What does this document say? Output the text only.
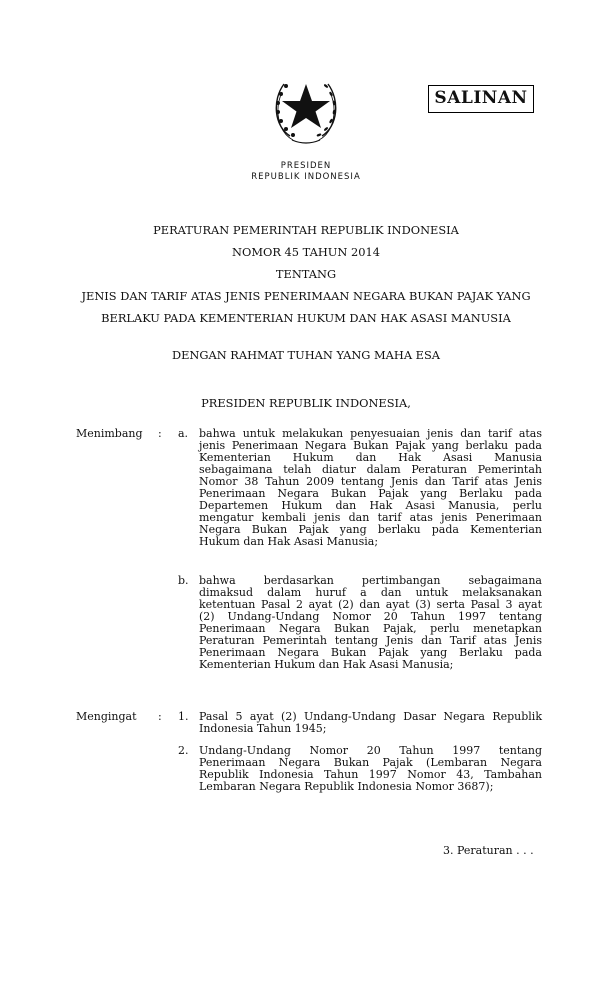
SALINAN
PRESIDEN
REPUBLIK INDONESIA
PERATURAN PEMERINTAH REPUBLIK INDONESIA
NOMOR 45 TAHUN 2014
TENTANG
JENIS DAN TARIF ATAS JENIS PENERIMAAN NEGARA BUKAN PAJAK YANG
BERLAKU PADA KEMENTERIAN HUKUM DAN HAK ASASI MANUSIA
DENGAN RAHMAT TUHAN YANG MAHA ESA
PRESIDEN REPUBLIK INDONESIA,
Menimbang : a. bahwa untuk melakukan penyesuaian jenis dan tarif atas
jenis Penerimaan Negara Bukan Pajak yang berlaku pada
Kementerian Hukum dan Hak Asasi Manusia
sebagaimana telah diatur dalam Peraturan Pemerintah
Nomor 38 Tahun 2009 tentang Jenis dan Tarif atas Jenis
Penerimaan Negara Bukan Pajak yang Berlaku pada
Departemen Hukum dan Hak Asasi Manusia, perlu
mengatur kembali jenis dan tarif atas jenis Penerimaan
Negara Bukan Pajak yang berlaku pada Kementerian
Hukum dan Hak Asasi Manusia;
b. bahwa berdasarkan pertimbangan sebagaimana
dimaksud dalam huruf a dan untuk melaksanakan
ketentuan Pasal 2 ayat (2) dan ayat (3) serta Pasal 3 ayat
(2) Undang-Undang Nomor 20 Tahun 1997 tentang
Penerimaan Negara Bukan Pajak, perlu menetapkan
Peraturan Pemerintah tentang Jenis dan Tarif atas Jenis
Penerimaan Negara Bukan Pajak yang Berlaku pada
Kementerian Hukum dan Hak Asasi Manusia;
Mengingat : 1. Pasal 5 ayat (2) Undang-Undang Dasar Negara Republik
Indonesia Tahun 1945;
2. Undang-Undang Nomor 20 Tahun 1997 tentang
Penerimaan Negara Bukan Pajak (Lembaran Negara
Republik Indonesia Tahun 1997 Nomor 43, Tambahan
Lembaran Negara Republik Indonesia Nomor 3687);
3. Peraturan . . .
